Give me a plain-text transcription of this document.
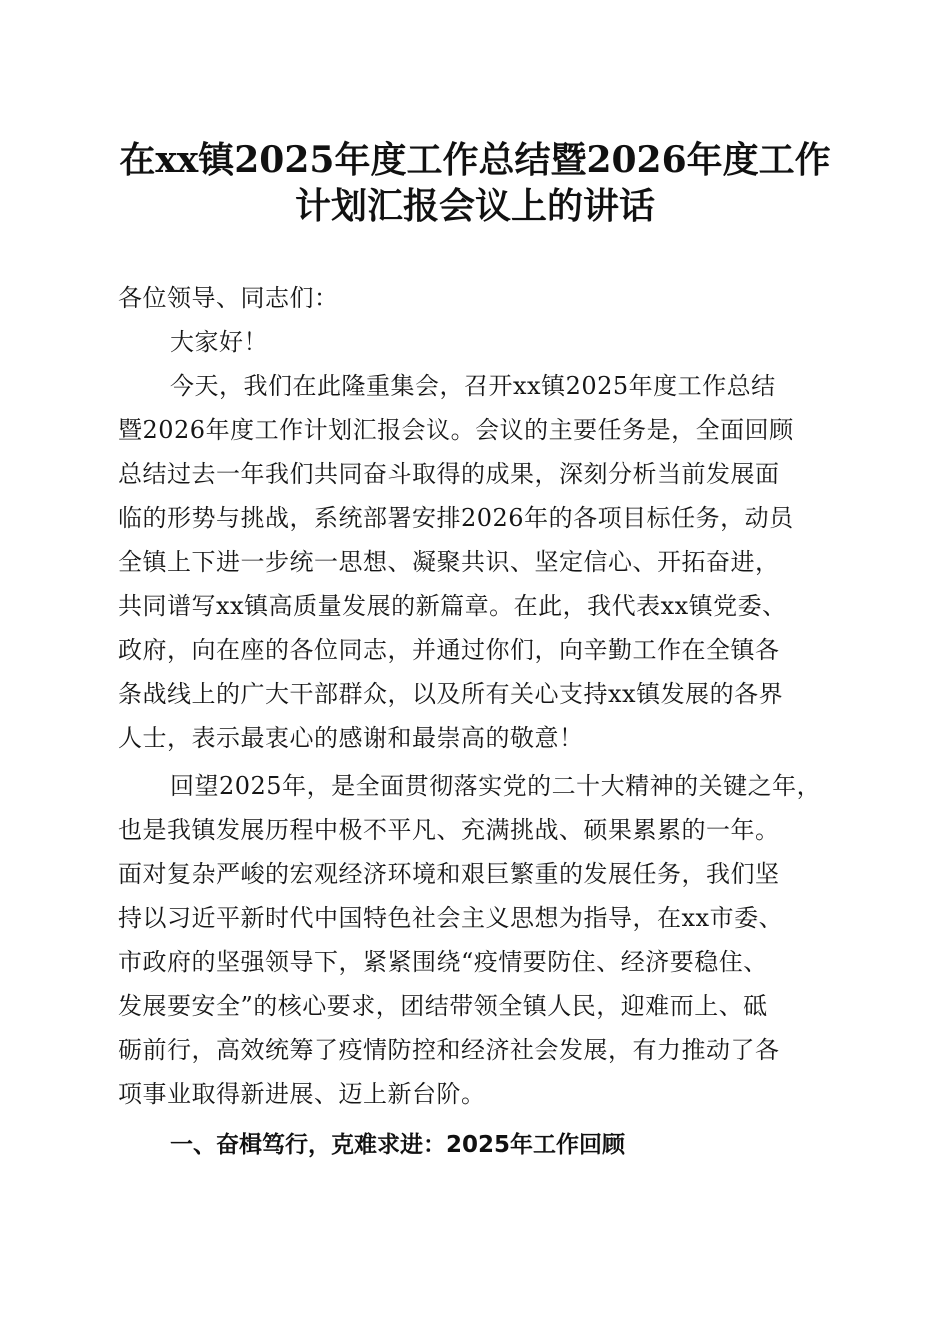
在xx镇2025年度工作总结暨2026年度工作
计划汇报会议上的讲话
各位领导、同志们：
大家好！
今天，我们在此隆重集会，召开xx镇2025年度工作总结
暨2026年度工作计划汇报会议。会议的主要任务是，全面回顾
总结过去一年我们共同奋斗取得的成果，深刻分析当前发展面
临的形势与挑战，系统部署安排2026年的各项目标任务，动员
全镇上下进一步统一思想、凝聚共识、坚定信心、开拓奋进，
共同谱写xx镇高质量发展的新篇章。在此，我代表xx镇党委、
政府，向在座的各位同志，并通过你们，向辛勤工作在全镇各
条战线上的广大干部群众，以及所有关心支持xx镇发展的各界
人士，表示最衷心的感谢和最崇高的敬意！
回望2025年，是全面贯彻落实党的二十大精神的关键之年，
也是我镇发展历程中极不平凡、充满挑战、硕果累累的一年。
面对复杂严峻的宏观经济环境和艰巨繁重的发展任务，我们坚
持以习近平新时代中国特色社会主义思想为指导，在xx市委、
市政府的坚强领导下，紧紧围绕“疫情要防住、经济要稳住、
发展要安全”的核心要求，团结带领全镇人民，迎难而上、砥
砺前行，高效统筹了疫情防控和经济社会发展，有力推动了各
项事业取得新进展、迈上新台阶。
一、奋楫笃行，克难求进：2025年工作回顾
